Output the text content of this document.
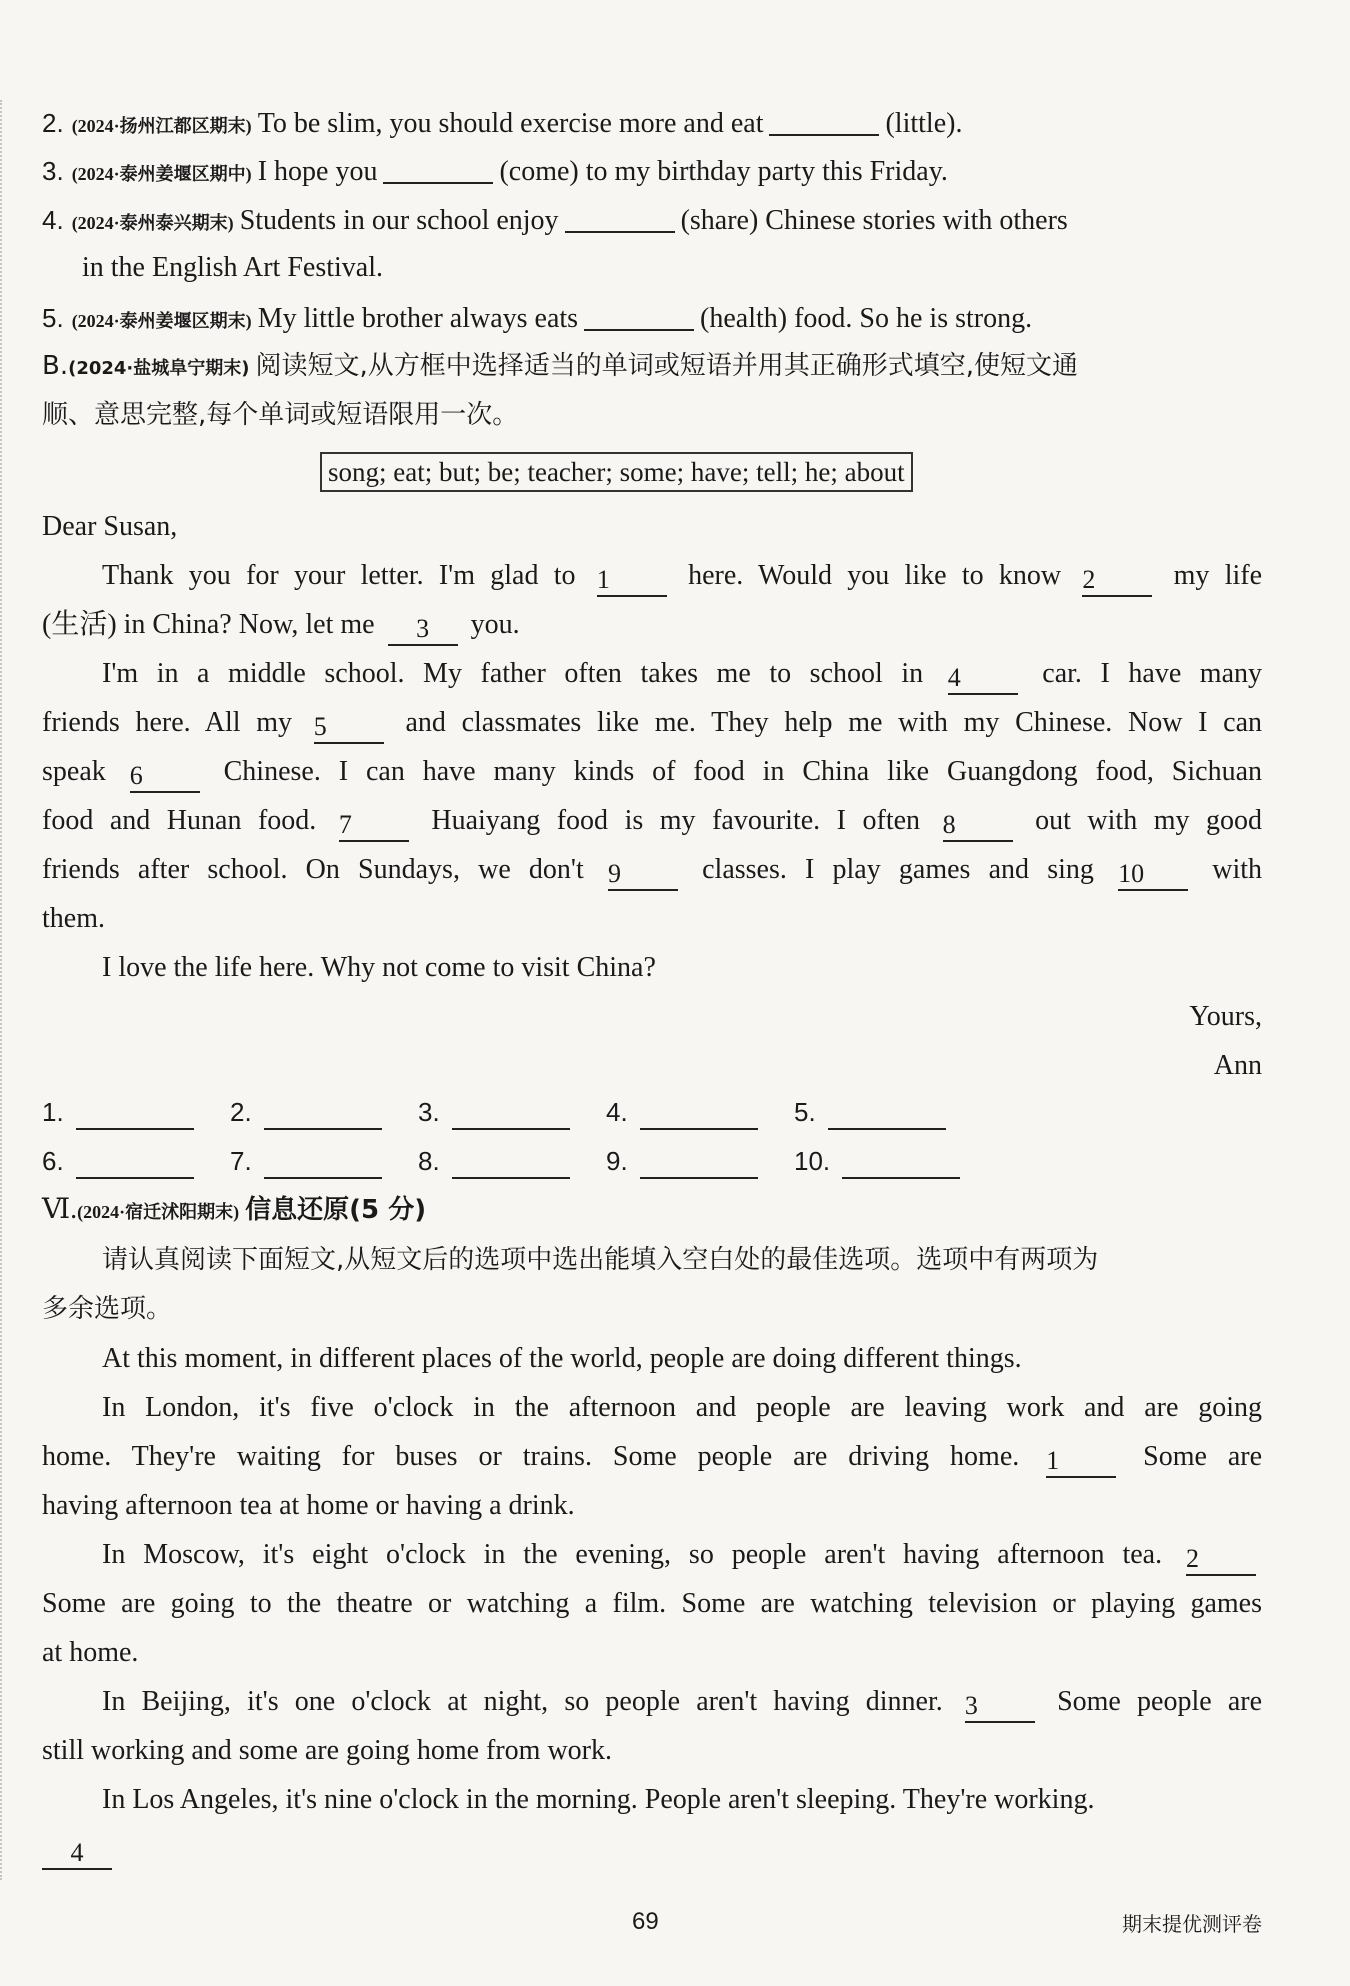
2. (2024·扬州江都区期末) To be slim, you should exercise more and eat	(little).
3. (2024·泰州姜堰区期中) I hope you	(come) to my birthday party this Friday.
4. (2024·泰州泰兴期末) Students in our school enjoy	(share) Chinese stories with others
in the English Art Festival.
5. (2024·泰州姜堰区期末) My little brother always eats	(health) food. So he is strong.
B.(2024·盐城阜宁期末) 阅读短文,从方框中选择适当的单词或短语并用其正确形式填空,使短文通
顺、意思完整,每个单词或短语限用一次。
song; eat; but; be; teacher; some; have; tell; he; about
Dear Susan,
Thank you for your letter. I'm glad to 1	here. Would you like to know 2	my life
(生活) in China? Now, let me 3 you.
I'm in a middle school. My father often takes me to school in 4	car. I have many
friends here. All my 5	and classmates like me. They help me with my Chinese. Now I can
speak 6	Chinese. I can have many kinds of food in China like Guangdong food, Sichuan
food and Hunan food. 7	Huaiyang food is my favourite. I often 8	out with my good
friends after school. On Sundays, we don't 9	classes. I play games and sing 10 with
them.
I love the life here. Why not come to visit China?
Yours,
Ann
1.	2.	3.	4.	5.
6.	7.	8.	9.	10.
Ⅵ.(2024·宿迁沭阳期末) 信息还原(5 分)
请认真阅读下面短文,从短文后的选项中选出能填入空白处的最佳选项。选项中有两项为
多余选项。
At this moment, in different places of the world, people are doing different things.
In London, it's five o'clock in the afternoon and people are leaving work and are going
home. They're waiting for buses or trains. Some people are driving home. 1	Some are
having afternoon tea at home or having a drink.
In Moscow, it's eight o'clock in the evening, so people aren't having afternoon tea. 2
Some are going to the theatre or watching a film. Some are watching television or playing games
at home.
In Beijing, it's one o'clock at night, so people aren't having dinner. 3	Some people are
still working and some are going home from work.
In Los Angeles, it's nine o'clock in the morning. People aren't sleeping. They're working.
4
69	期末提优测评卷
